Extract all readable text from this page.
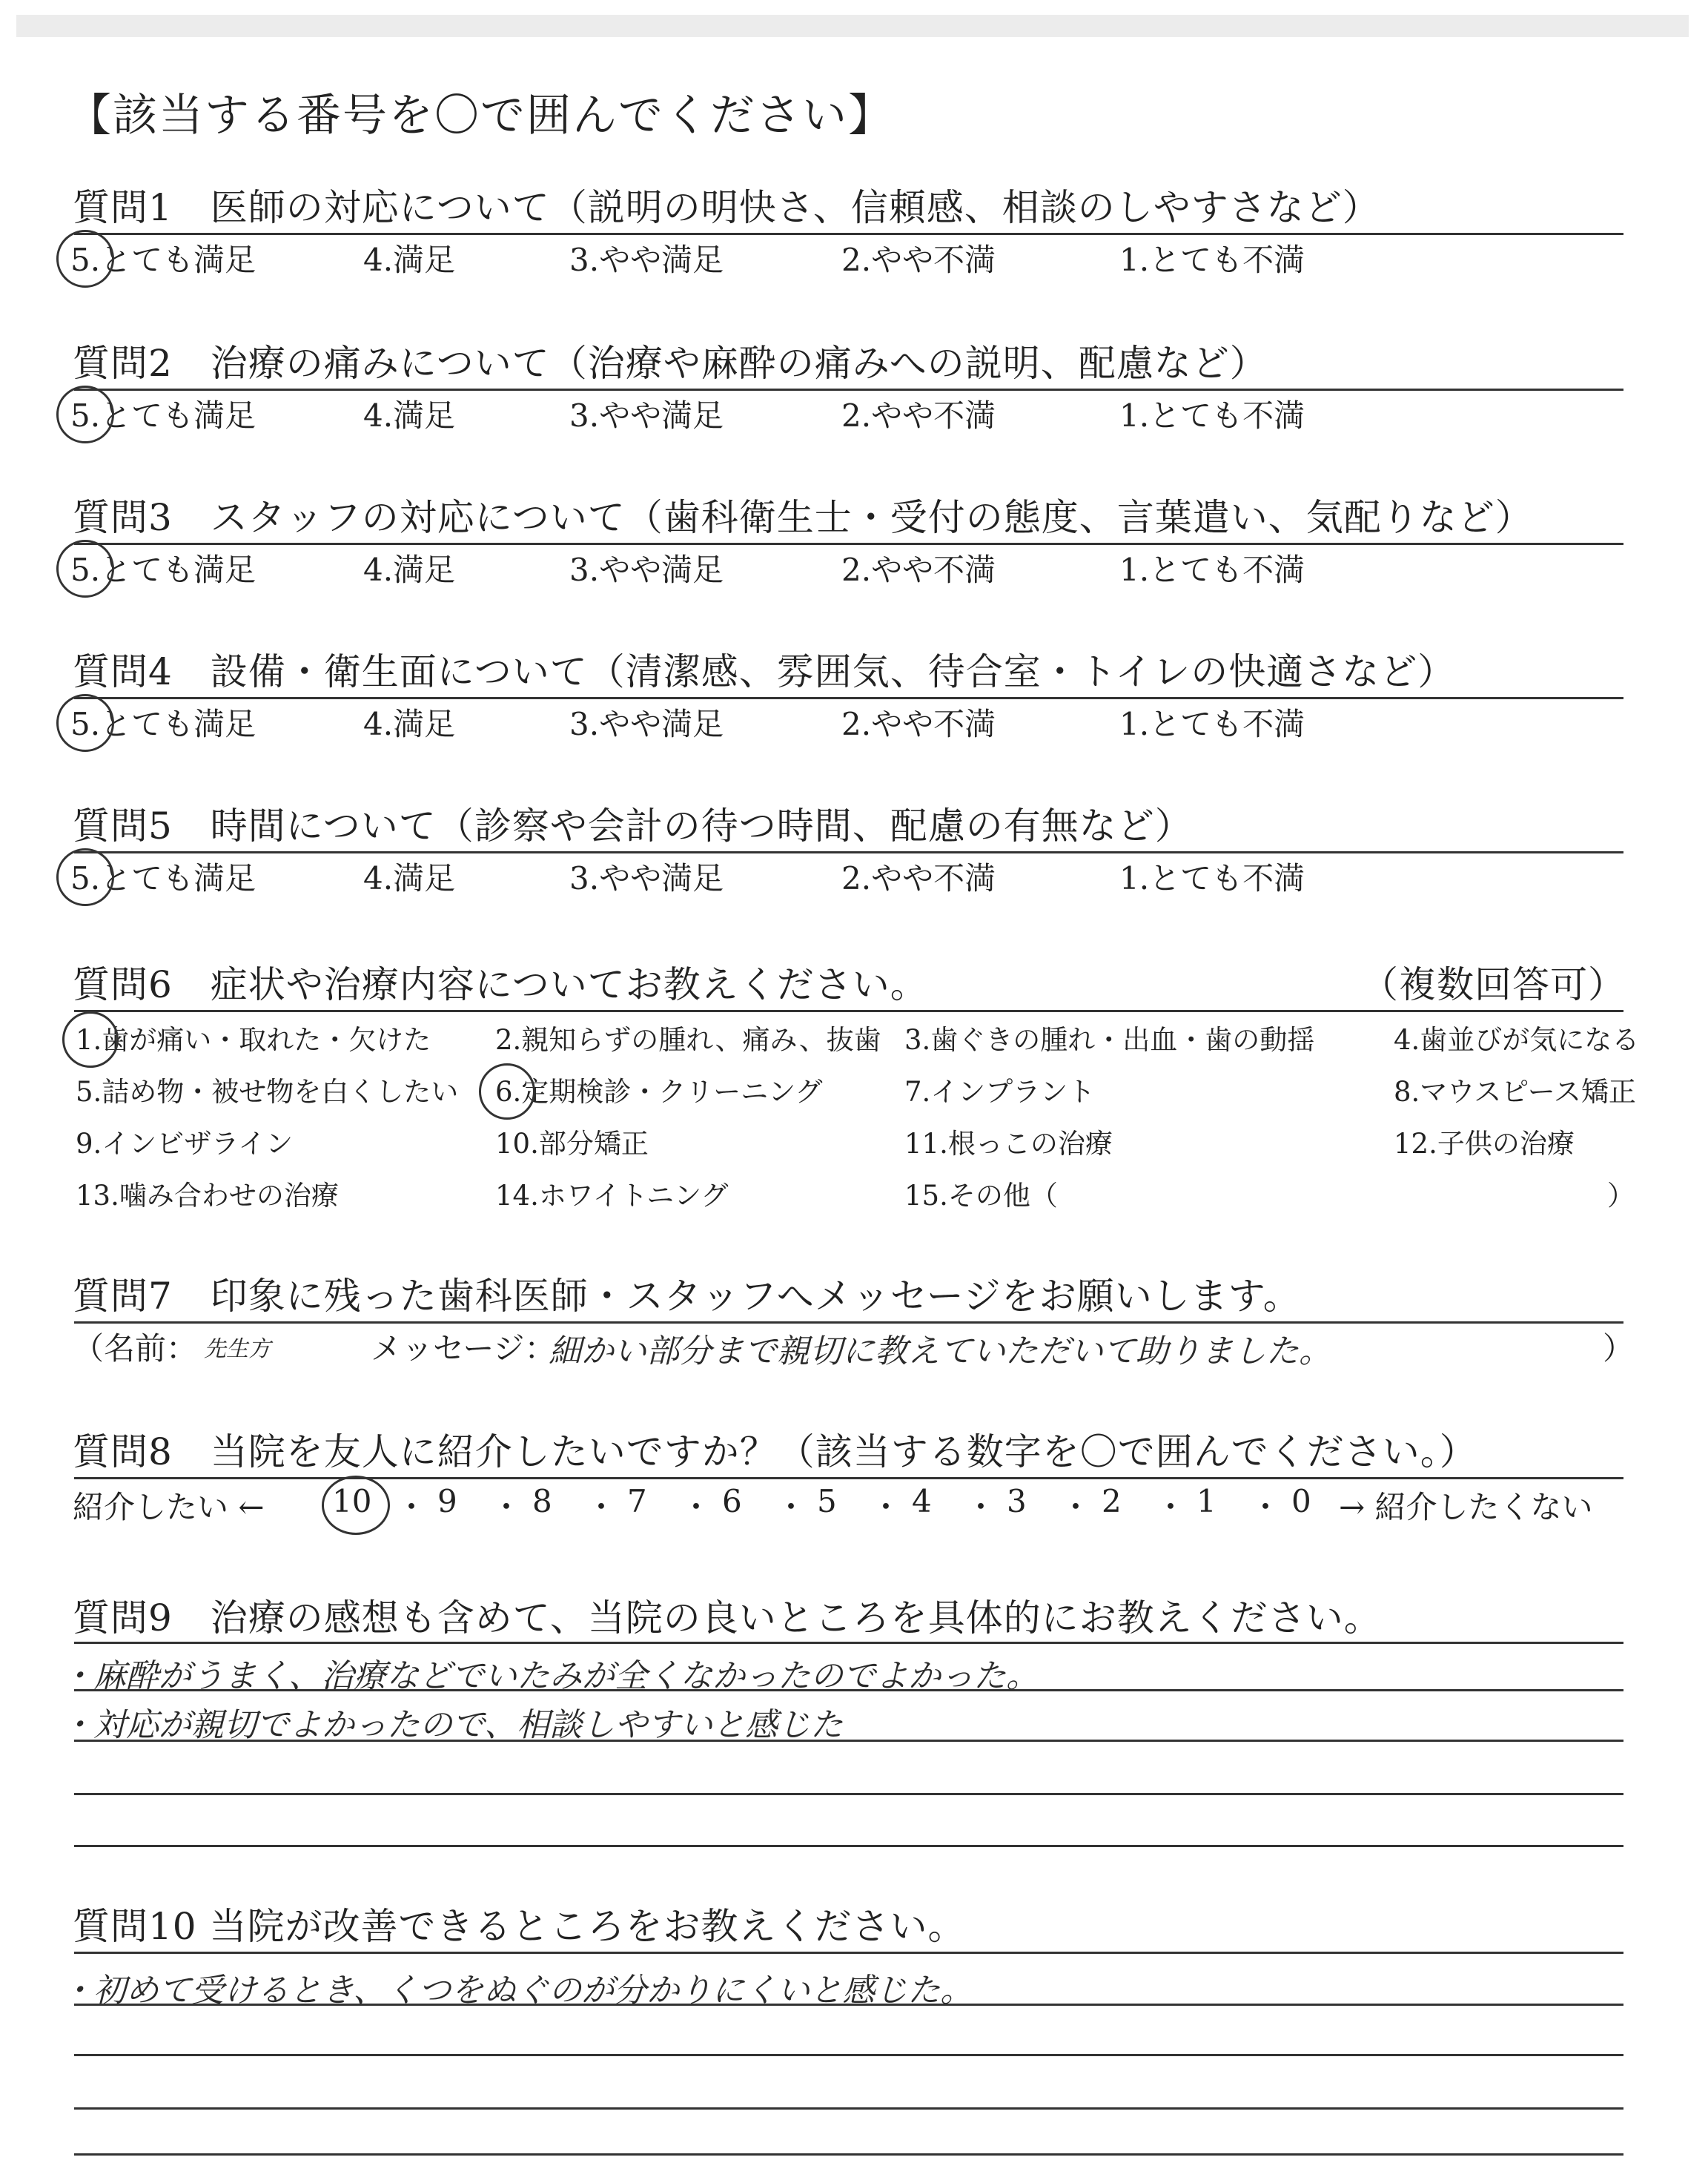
【該当する番号を〇で囲んでください】
質問6　症状や治療内容についてお教えください。	（複数回答可）
質問7　印象に残った歯科医師・スタッフへメッセージをお願いします。
（名前： 先生方	メッセージ：
細かい部分まで親切に教えていただいて助りました。	）
質問8　当院を友人に紹介したいですか？（該当する数字を〇で囲んでください。）
紹介したい ←	→ 紹介したくない
質問9　治療の感想も含めて、当院の良いところを具体的にお教えください。
・麻酔がうまく、治療などでいたみが全くなかったのでよかった。
・対応が親切でよかったので、相談しやすいと感じた
質問10 当院が改善できるところをお教えください。
・初めて受けるとき、くつをぬぐのが分かりにくいと感じた。
質問1　医師の対応について（説明の明快さ、信頼感、相談のしやすさなど）
5.とても満足	4.満足	3.やや満足	2.やや不満	1.とても不満
質問2　治療の痛みについて（治療や麻酔の痛みへの説明、配慮など）
5.とても満足	4.満足	3.やや満足	2.やや不満	1.とても不満
質問3　スタッフの対応について（歯科衛生士・受付の態度、言葉遣い、気配りなど）
5.とても満足	4.満足	3.やや満足	2.やや不満	1.とても不満
質問4　設備・衛生面について（清潔感、雰囲気、待合室・トイレの快適さなど）
5.とても満足	4.満足	3.やや満足	2.やや不満	1.とても不満
質問5　時間について（診察や会計の待つ時間、配慮の有無など）
5.とても満足	4.満足	3.やや満足	2.やや不満	1.とても不満
1.歯が痛い・取れた・欠けた 2.親知らずの腫れ、痛み、抜歯 3.歯ぐきの腫れ・出血・歯の動揺	4.歯並びが気になる
5.詰め物・被せ物を白くしたい 6.定期検診・クリーニング	7.インプラント	8.マウスピース矯正
9.インビザライン	10.部分矯正	11.根っこの治療	12.子供の治療
13.噛み合わせの治療	14.ホワイトニング	15.その他（	）
10 ・ 9 ・ 8 ・ 7 ・ 6 ・ 5 ・ 4 ・ 3 ・ 2 ・ 1 ・ 0
